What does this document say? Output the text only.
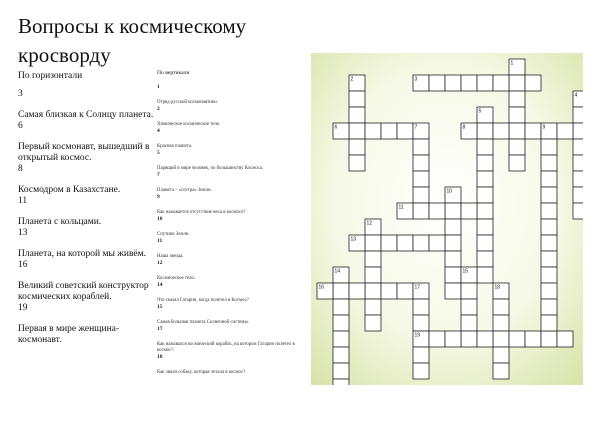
Вопросы к космическому кросворду
По горизонтали
3
Самая близкая к Солнцу планета.
6
Первый космонавт, вышедший в открытый космос.
8
Космодром в Казахстане.
11
Планета с кольцами.
13
Планета, на которой мы живём.
16
Великий советский конструктор космических кораблей.
19
Первая в мире женщина-космонавт.
По вертикали
1
Отряд русской космонавтики.
2
Химическое космическое тело.
4
Красная планета.
5
Парящий в мире человек, по большинству Космоса.
7
Планета – «сестра» Земли.
9
Как называется отсутствие веса в космосе?
10
Спутник Земли.
11
Наша звезда.
12
Космическое тело.
14
Что сказал Гагарин, когда полетел в Космос?
15
Самая большая планета Солнечной системы.
17
Как назывался космический корабль, на котором Гагарин полетел в космос?
18
Как звали собаку, которая летала в космос?
1
2	3
4
5
6	7	8	9
10
11
12
13
14	15
16	17	18
19
